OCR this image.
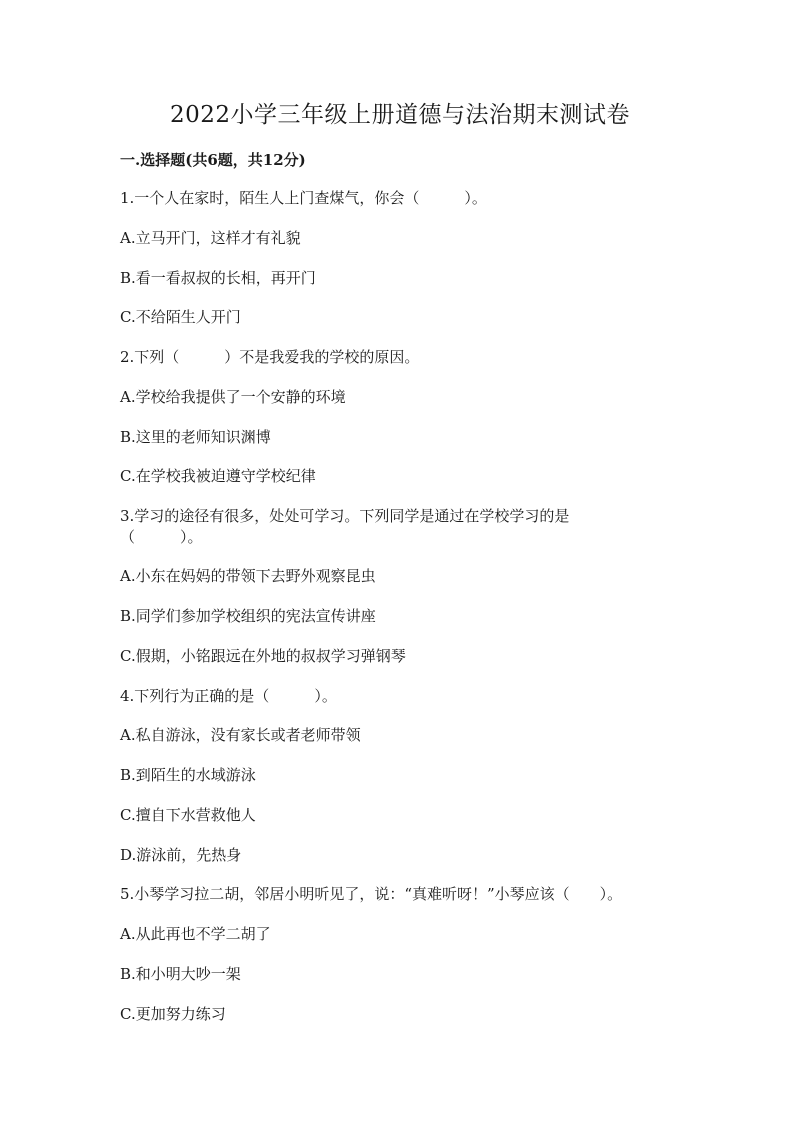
2022小学三年级上册道德与法治期末测试卷
一.选择题(共6题，共12分)
1.一个人在家时，陌生人上门查煤气，你会（　　　）。
A.立马开门，这样才有礼貌
B.看一看叔叔的长相，再开门
C.不给陌生人开门
2.下列（　　　）不是我爱我的学校的原因。
A.学校给我提供了一个安静的环境
B.这里的老师知识渊博
C.在学校我被迫遵守学校纪律
3.学习的途径有很多，处处可学习。下列同学是通过在学校学习的是
（　　　）。
A.小东在妈妈的带领下去野外观察昆虫
B.同学们参加学校组织的宪法宣传讲座
C.假期，小铭跟远在外地的叔叔学习弹钢琴
4.下列行为正确的是（　　　）。
A.私自游泳，没有家长或者老师带领
B.到陌生的水域游泳
C.擅自下水营救他人
D.游泳前，先热身
5.小琴学习拉二胡，邻居小明听见了，说：“真难听呀！”小琴应该（　　）。
A.从此再也不学二胡了
B.和小明大吵一架
C.更加努力练习
